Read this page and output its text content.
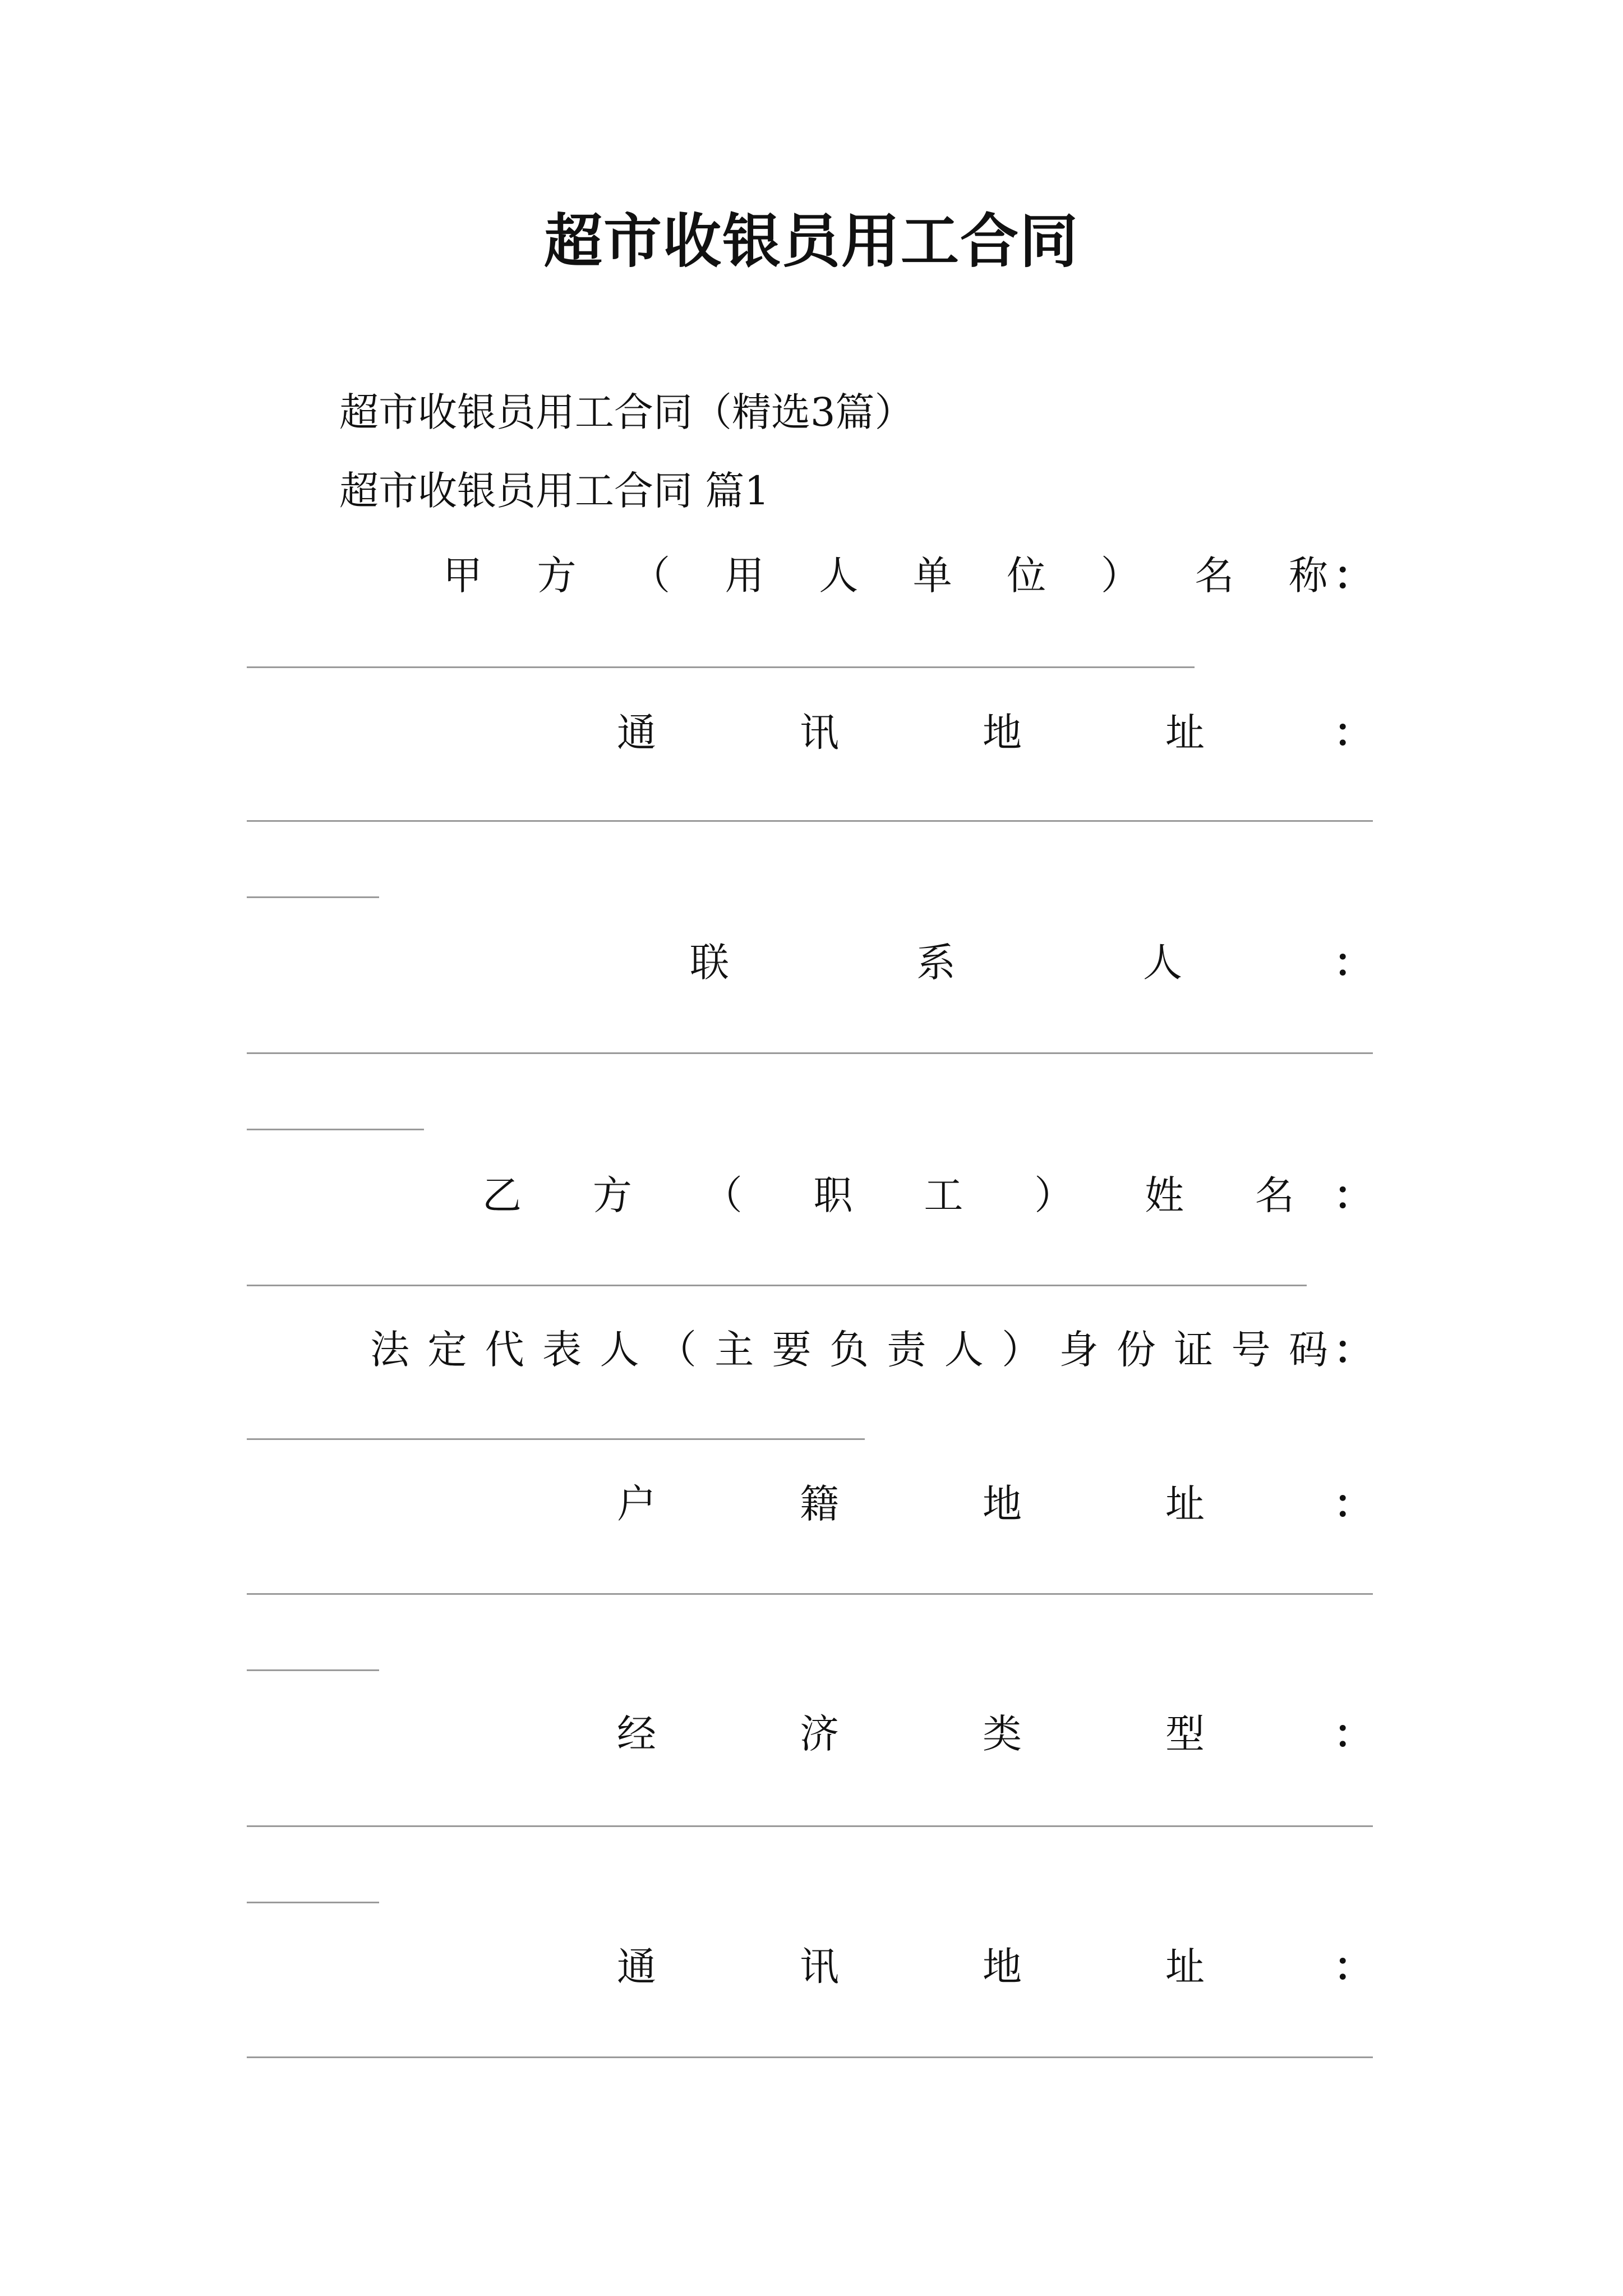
超市收银员用工合同
超市收银员用工合同（精选3篇）
超市收银员用工合同 篇1
甲 方 （ 用 人 单 位 ） 名 称 ：
通	讯	地	址	：
联	系	人	：
乙 方 （ 职 工 ） 姓 名 ：
法 定 代 表 人 （ 主 要 负 责 人 ） 身 份 证 号 码 ：
户	籍	地	址	：
经	济	类	型	：
通	讯	地	址	：
